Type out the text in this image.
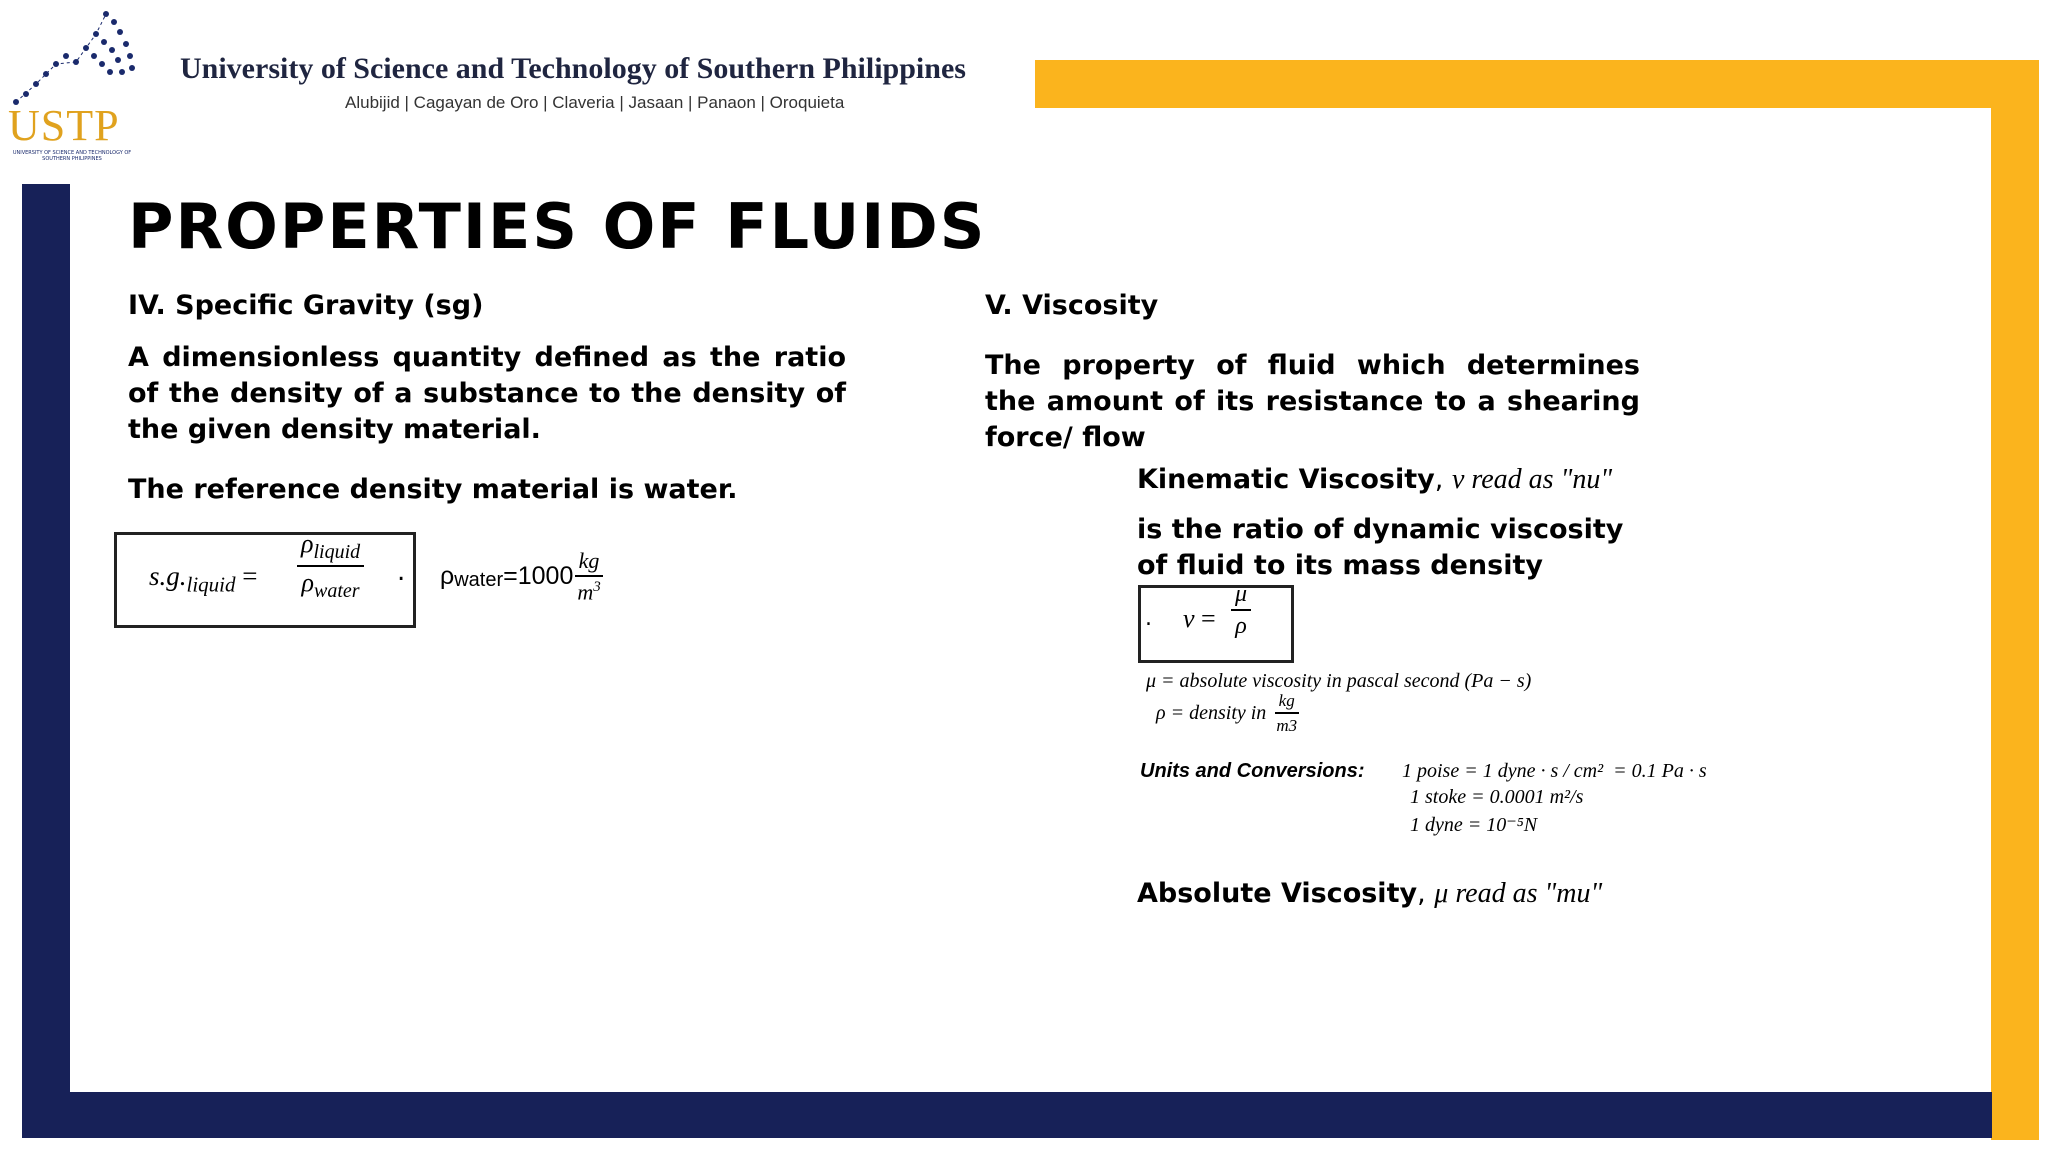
USTP
UNIVERSITY OF SCIENCE AND TECHNOLOGY OF SOUTHERN PHILIPPINES
University of Science and Technology of Southern Philippines
Alubijid | Cagayan de Oro | Claveria | Jasaan | Panaon | Oroquieta
PROPERTIES OF FLUIDS
IV. Specific Gravity (sg)
A dimensionless quantity defined as the ratio of the density of a substance to the density of the given density material.
The reference density material is water.
$s.g._{liquid} = \frac{\rho_{liquid}}{\rho_{water}}$ . ρ water $=1000 \frac{kg}{m^3}$
V. Viscosity
The property of fluid which determines the amount of its resistance to a shearing force/ flow
Kinematic Viscosity, ν read as "nu"
is the ratio of dynamic viscosity
of fluid to its mass density
. $\nu = \frac{\mu}{\rho}$
μ = absolute viscosity in pascal second (Pa − s)
ρ = density in $\frac{kg}{m3}$
Units and Conversions: 1 poise = 1 dyne · s / cm²  = 0.1 Pa · s
1 stoke = 0.0001 m²/s
1 dyne = 10⁻⁵N
Absolute Viscosity, μ read as "mu"
